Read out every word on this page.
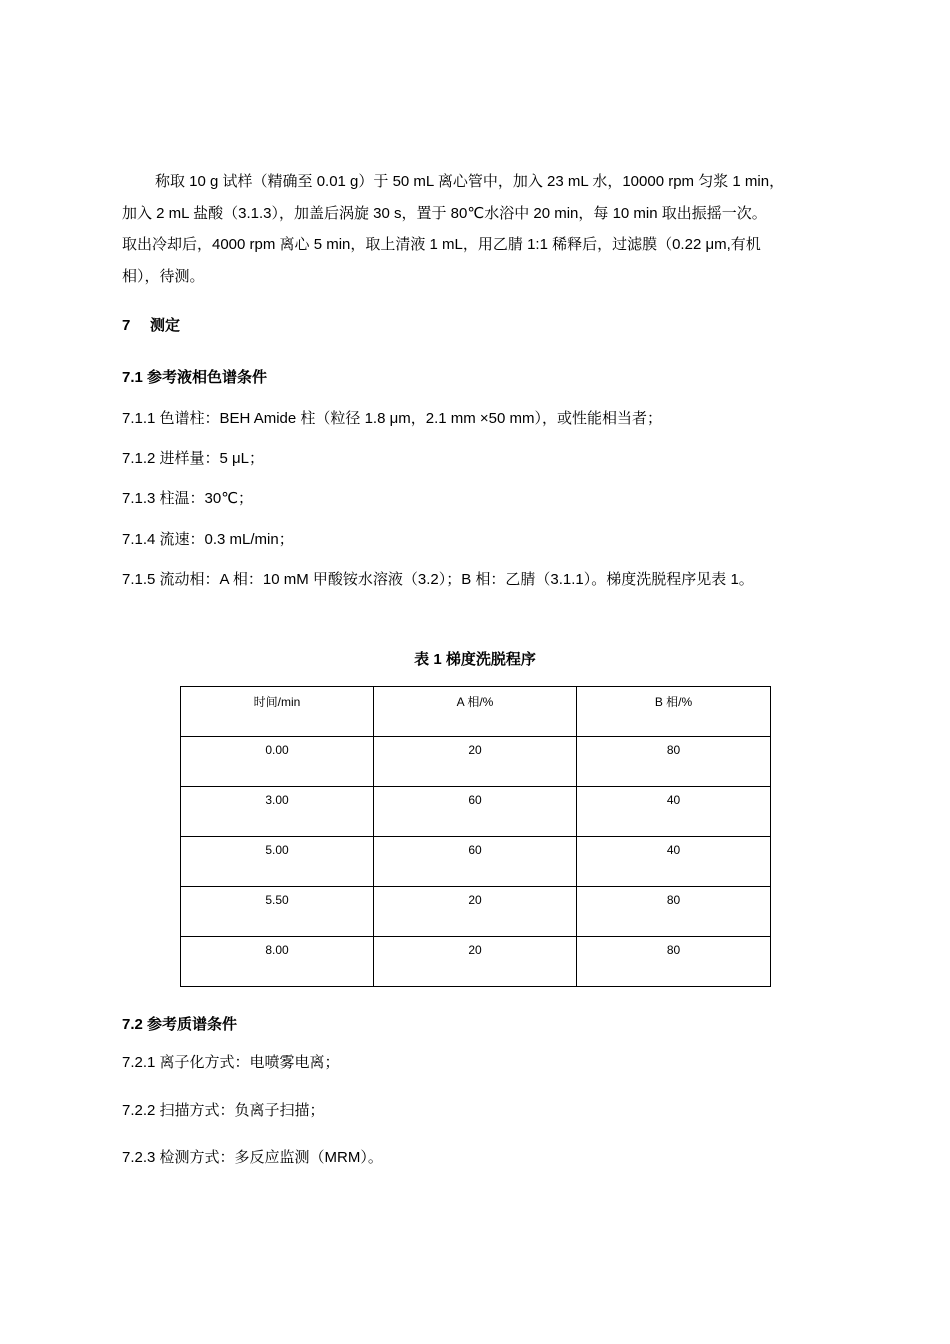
称取 10 g 试样（精确至 0.01 g）于 50 mL 离心管中，加入 23 mL 水，10000 rpm 匀浆 1 min，
加入 2 mL 盐酸（3.1.3），加盖后涡旋 30 s，置于 80℃水浴中 20 min，每 10 min 取出振摇一次。
取出冷却后，4000 rpm 离心 5 min，取上清液 1 mL，用乙腈 1:1 稀释后，过滤膜（0.22 μm,有机
相），待测。

7 测定
7.1 参考液相色谱条件
7.1.1 色谱柱：BEH Amide 柱（粒径 1.8 μm，2.1 mm ×50 mm），或性能相当者；
7.1.2 进样量：5 μL；
7.1.3 柱温：30℃；
7.1.4 流速：0.3 mL/min；
7.1.5 流动相：A 相：10 mM 甲酸铵水溶液（3.2）；B 相：乙腈（3.1.1）。梯度洗脱程序见表 1。
表 1 梯度洗脱程序
时间/min	A 相/%	B 相/%
0.00	20	80
3.00	60	40
5.00	60	40
5.50	20	80
8.00	20	80
7.2 参考质谱条件
7.2.1 离子化方式：电喷雾电离；
7.2.2 扫描方式：负离子扫描；
7.2.3 检测方式：多反应监测（MRM）。
